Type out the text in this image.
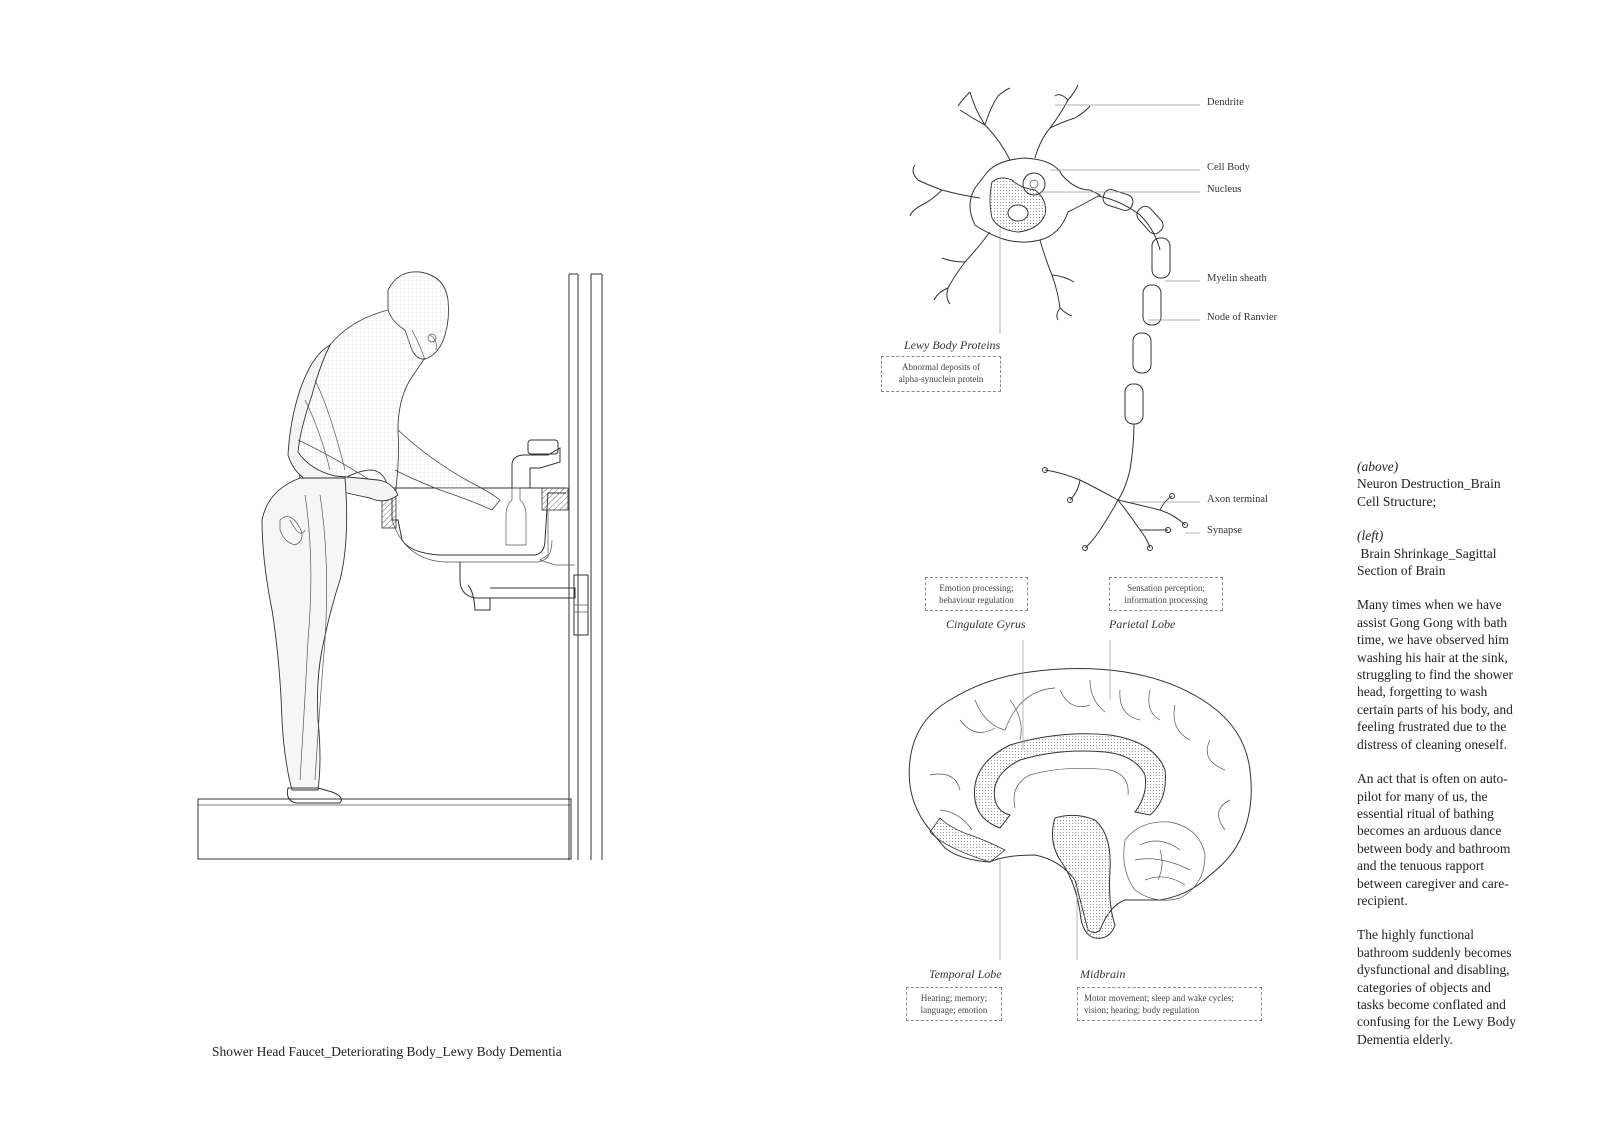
Shower Head Faucet_Deteriorating Body_Lewy Body Dementia
Dendrite
Cell Body
Nucleus
Myelin sheath
Node of Ranvier
Axon terminal
Synapse
Lewy Body Proteins
Abnormal deposits of
alpha-synuclein protein
Emotion processing;
behaviour regulation
Cingulate Gyrus
Sensation perception;
information processing
Parietal Lobe
Temporal Lobe
Hearing; memory;
language; emotion
Midbrain
Motor movement; sleep and wake cycles;
vision; hearing; body regulation

(above)

Neuron Destruction_Brain

Cell Structure;

(left)

Brain Shrinkage_Sagittal

Section of Brain

Many times when we have

assist Gong Gong with bath

time, we have observed him

washing his hair at the sink,

struggling to find the shower

head, forgetting to wash

certain parts of his body, and

feeling frustrated due to the

distress of cleaning oneself.

An act that is often on auto-

pilot for many of us, the

essential ritual of bathing

becomes an arduous dance

between body and bathroom

and the tenuous rapport

between caregiver and care-

recipient.

The highly functional

bathroom suddenly becomes

dysfunctional and disabling,

categories of objects and

tasks become conflated and

confusing for the Lewy Body

Dementia elderly.
